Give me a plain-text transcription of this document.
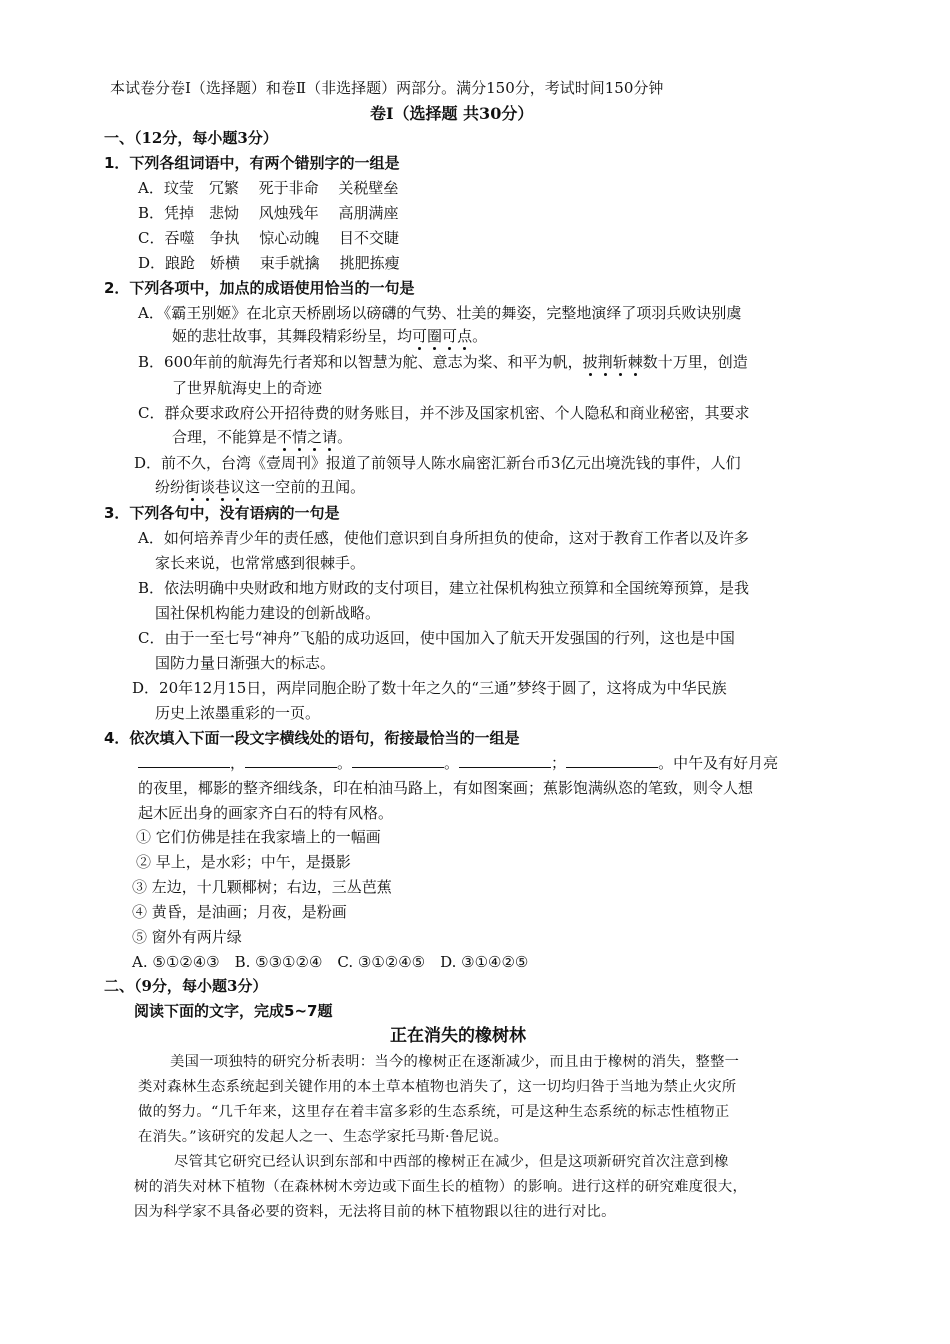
本试卷分卷Ⅰ（选择题）和卷Ⅱ（非选择题）两部分。满分150分，考试时间150分钟
卷Ⅰ（选择题 共30分）
一、（12分，每小题3分）
1．下列各组词语中，有两个错别字的一组是
A．玟莹　冗繁　 死于非命　 关税壁垒
B．凭掉　悲恸　 风烛残年　 高朋满座
C．吞噬　争执　 惊心动魄　 目不交睫
D．踉跄　娇横　 束手就擒　 挑肥拣瘦
2．下列各项中，加点的成语使用恰当的一句是
A．《霸王别姬》在北京天桥剧场以磅礴的气势、壮美的舞姿，完整地演绎了项羽兵败诀别虞
姬的悲壮故事，其舞段精彩纷呈，均可圈可点。
B．600年前的航海先行者郑和以智慧为舵、意志为桨、和平为帆，披荆斩棘数十万里，创造
了世界航海史上的奇迹
C．群众要求政府公开招待费的财务账目，并不涉及国家机密、个人隐私和商业秘密，其要求
合理，不能算是不情之请。
D．前不久，台湾《壹周刊》报道了前领导人陈水扁密汇新台币3亿元出境洗钱的事件，人们
纷纷街谈巷议这一空前的丑闻。
3．下列各句中，没有语病的一句是
A．如何培养青少年的责任感，使他们意识到自身所担负的使命，这对于教育工作者以及许多
家长来说，也常常感到很棘手。
B．依法明确中央财政和地方财政的支付项目，建立社保机构独立预算和全国统筹预算，是我
国社保机构能力建设的创新战略。
C．由于一至七号“神舟”飞船的成功返回，使中国加入了航天开发强国的行列，这也是中国
国防力量日渐强大的标志。
D．20年12月15日，两岸同胞企盼了数十年之久的“三通”梦终于圆了，这将成为中华民族
历史上浓墨重彩的一页。
4．依次填入下面一段文字横线处的语句，衔接最恰当的一组是
，	。	。	；	。中午及有好月亮
的夜里，椰影的整齐细线条，印在柏油马路上，有如图案画；蕉影饱满纵恣的笔致，则令人想
起木匠出身的画家齐白石的特有风格。
① 它们仿佛是挂在我家墙上的一幅画
② 早上，是水彩；中午，是摄影
③ 左边，十几颗椰树；右边，三丛芭蕉
④ 黄昏，是油画；月夜，是粉画
⑤ 窗外有两片绿
A. ⑤①②④③　B. ⑤③①②④　C. ③①②④⑤　D. ③①④②⑤
二、（9分，每小题3分）
阅读下面的文字，完成5~7题
正在消失的橡树林
美国一项独特的研究分析表明：当今的橡树正在逐渐减少，而且由于橡树的消失，整整一
类对森林生态系统起到关键作用的本土草本植物也消失了，这一切均归咎于当地为禁止火灾所
做的努力。“几千年来，这里存在着丰富多彩的生态系统，可是这种生态系统的标志性植物正
在消失。”该研究的发起人之一、生态学家托马斯·鲁尼说。
尽管其它研究已经认识到东部和中西部的橡树正在减少，但是这项新研究首次注意到橡
树的消失对林下植物（在森林树木旁边或下面生长的植物）的影响。进行这样的研究难度很大，
因为科学家不具备必要的资料，无法将目前的林下植物跟以往的进行对比。
